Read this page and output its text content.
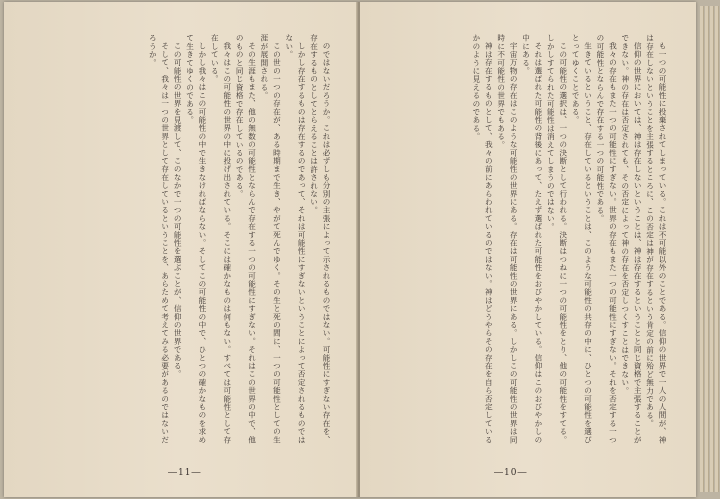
も一つの可能性に投棄されてしまっている。これは不可能以外のことである。信仰の世界で一人の人間が、神は存在しないということを主張するところに、この否定は神が存在するという肯定の前に殆ど無力である。

信仰の世界においては、神は存在しないということは、神は存在するということと同じ資格で主張することができない。神の存在は否定されても、その否定によって神の存在を否定しつくすことはできない。

我々の存在もまた一つの可能性にすぎない。世界の存在もまた一つの可能性にすぎない。それを否定する一つの可能性とならんで存在する一つの可能性である。

生きているということ、存在しているということは、このような可能性の共存の中に、ひとつの可能性を選びとってゆくことである。

この可能性の選択は、一つの決断として行われる。決断はつねに一つの可能性をとり、他の可能性をすてる。しかしすてられた可能性は消えてしまうのではない。

それは選ばれた可能性の背後にあって、たえず選ばれた可能性をおびやかしている。信仰はこのおびやかしの中にある。

宇宙万物の存在はこのような可能性の世界にある。存在は可能性の世界にある。しかしこの可能性の世界は同時に不可能性の世界でもある。

神は存在するものとして、我々の前にあらわれているのではない。神はどうやらその存在を自ら否定しているかのように見えるのである。

のではないだろうか。これは必ずしも分別の主張によって示されるものではない。可能性にすぎない存在を、存在するものとしてとらえることは許されない。

しかし存在するものは存在するのであって、それは可能性にすぎないということによって否定されるものではない。

この世の一つの存在が、ある時期まで生き、やがて死んでゆく。その生と死の間に、一つの可能性としての生涯が展開される。

その生涯もまた、他の無数の可能性とならんで存在する一つの可能性にすぎない。それはこの世界の中で、他のものと同じ資格で存在しているのである。

我々はこの可能性の世界の中に投げ出されている。そこには確かなものは何もない。すべては可能性として存在している。

しかし我々はこの可能性の中で生きなければならない。そしてこの可能性の中で、ひとつの確かなものを求めて生きてゆくのである。

この可能性の世界を見渡して、このなかで一つの可能性を選ぶことが、信仰の世界である。

そして、我々は一つの世界として存在しているということを、あらためて考えてみる必要があるのではないだろうか。

―11―	―10―
